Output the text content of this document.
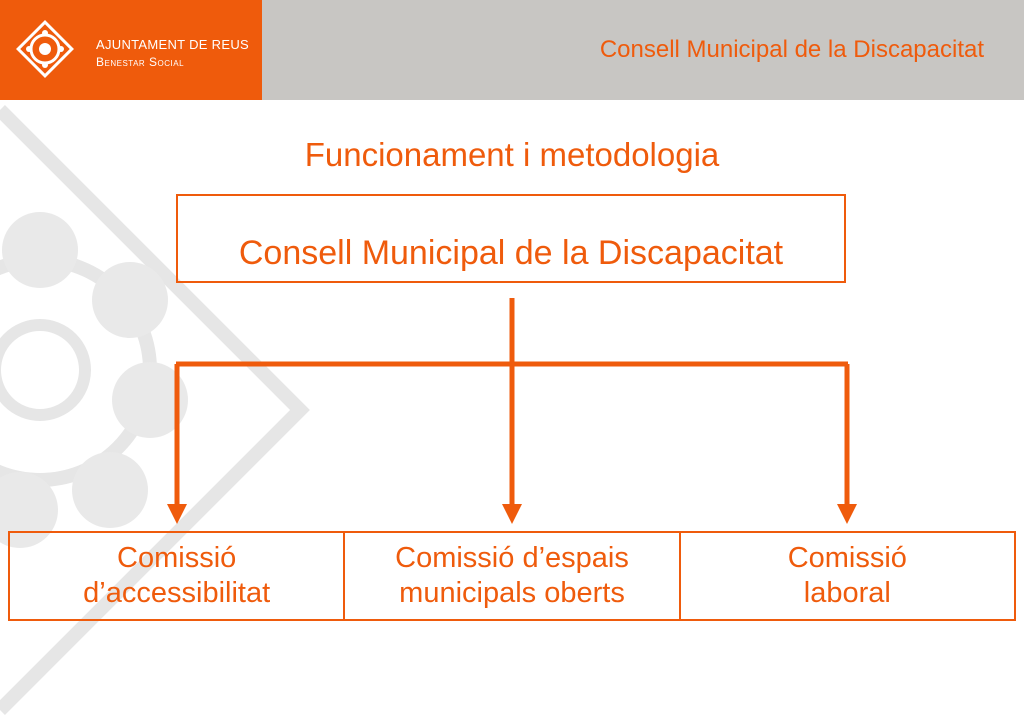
AJUNTAMENT DE REUS
Benestar Social	Consell Municipal de la Discapacitat
Funcionament i metodologia
Consell Municipal de la Discapacitat
Comissió
d’accessibilitat
Comissió d’espais
municipals oberts
Comissió
laboral
